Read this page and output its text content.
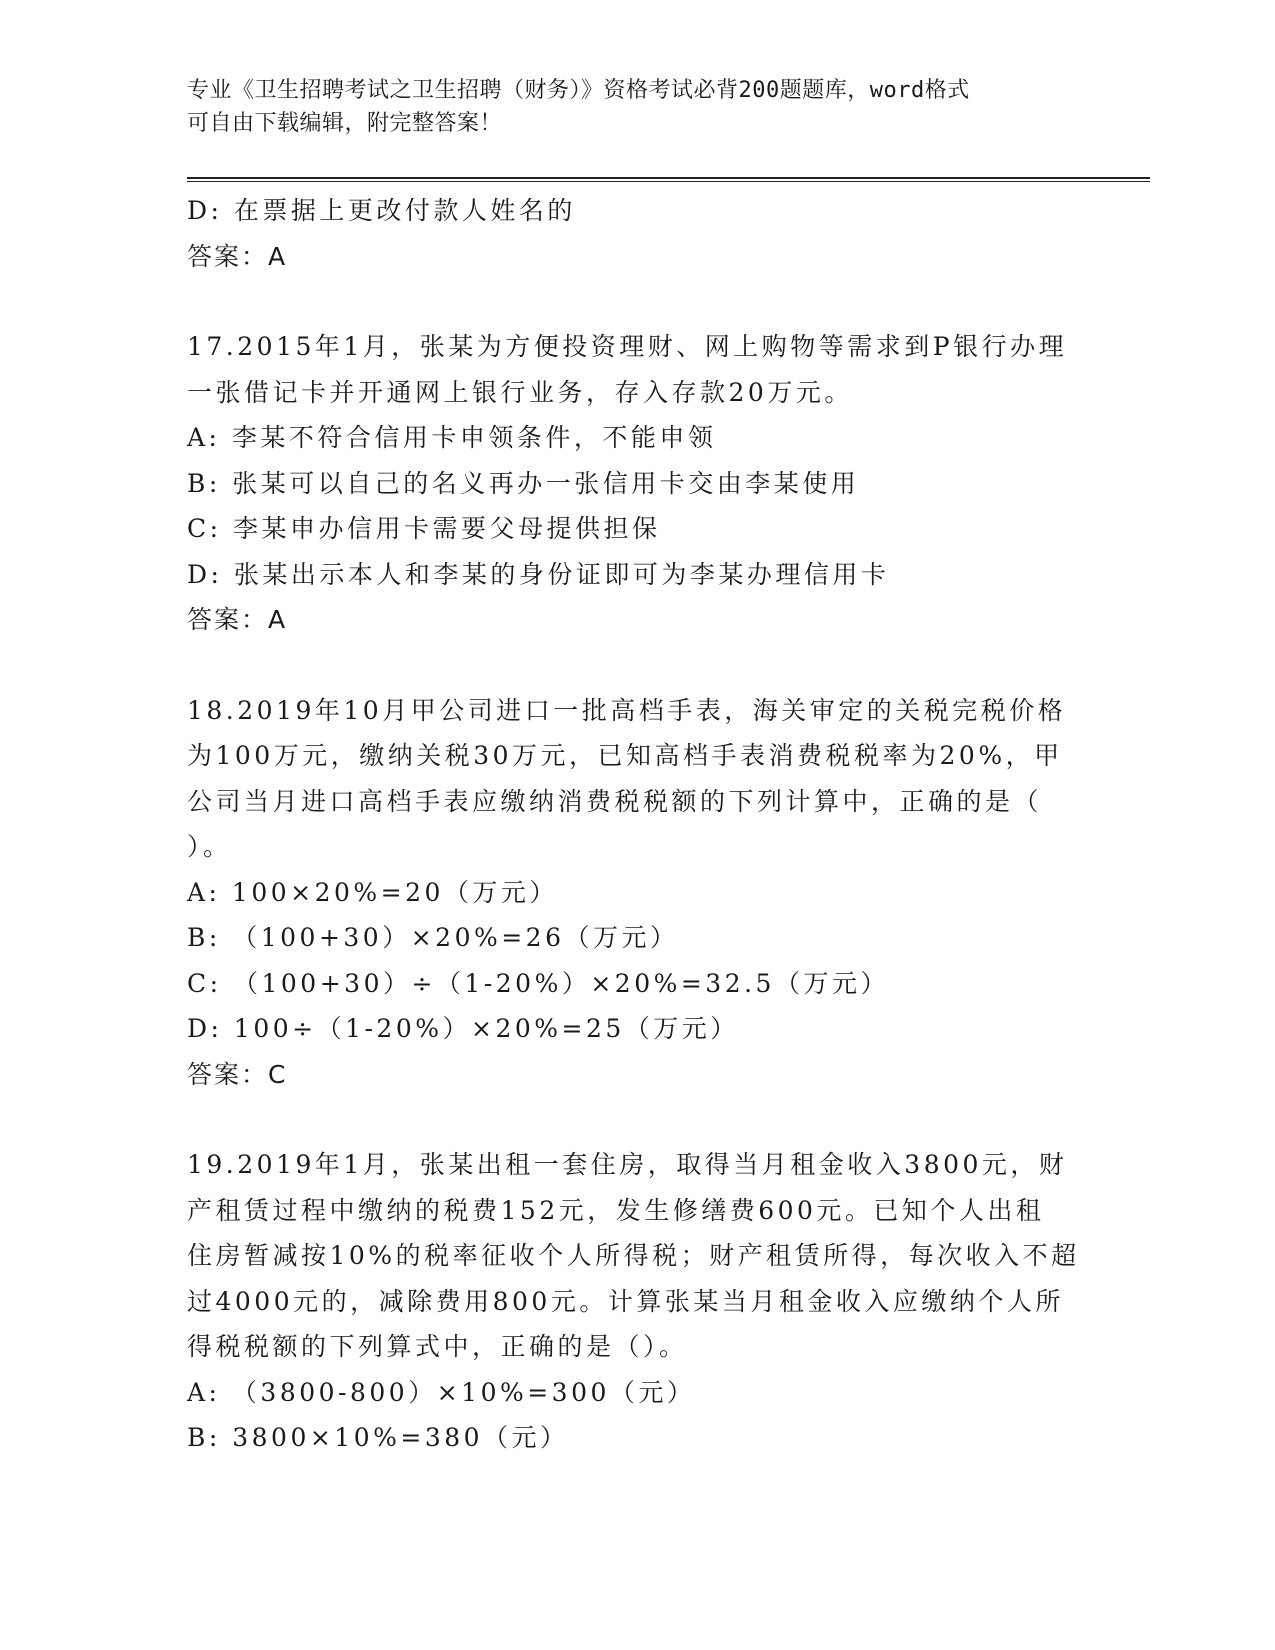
专业《卫生招聘考试之卫生招聘（财务）》资格考试必背200题题库，word格式
可自由下载编辑，附完整答案！
D: 在票据上更改付款人姓名的
答案：A
17.2015年1月，张某为方便投资理财、网上购物等需求到P银行办理
一张借记卡并开通网上银行业务，存入存款20万元。
A: 李某不符合信用卡申领条件，不能申领
B: 张某可以自己的名义再办一张信用卡交由李某使用
C: 李某申办信用卡需要父母提供担保
D: 张某出示本人和李某的身份证即可为李某办理信用卡
答案：A
18.2019年10月甲公司进口一批高档手表，海关审定的关税完税价格
为100万元，缴纳关税30万元，已知高档手表消费税税率为20%，甲
公司当月进口高档手表应缴纳消费税税额的下列计算中，正确的是（
）。
A: 100×20%=20（万元）
B: （100+30）×20%=26（万元）
C: （100+30）÷（1-20%）×20%=32.5（万元）
D: 100÷（1-20%）×20%=25（万元）
答案：C
19.2019年1月，张某出租一套住房，取得当月租金收入3800元，财
产租赁过程中缴纳的税费152元，发生修缮费600元。已知个人出租
住房暂减按10%的税率征收个人所得税；财产租赁所得，每次收入不超
过4000元的，减除费用800元。计算张某当月租金收入应缴纳个人所
得税税额的下列算式中，正确的是（）。
A: （3800-800）×10%=300（元）
B: 3800×10%=380（元）
